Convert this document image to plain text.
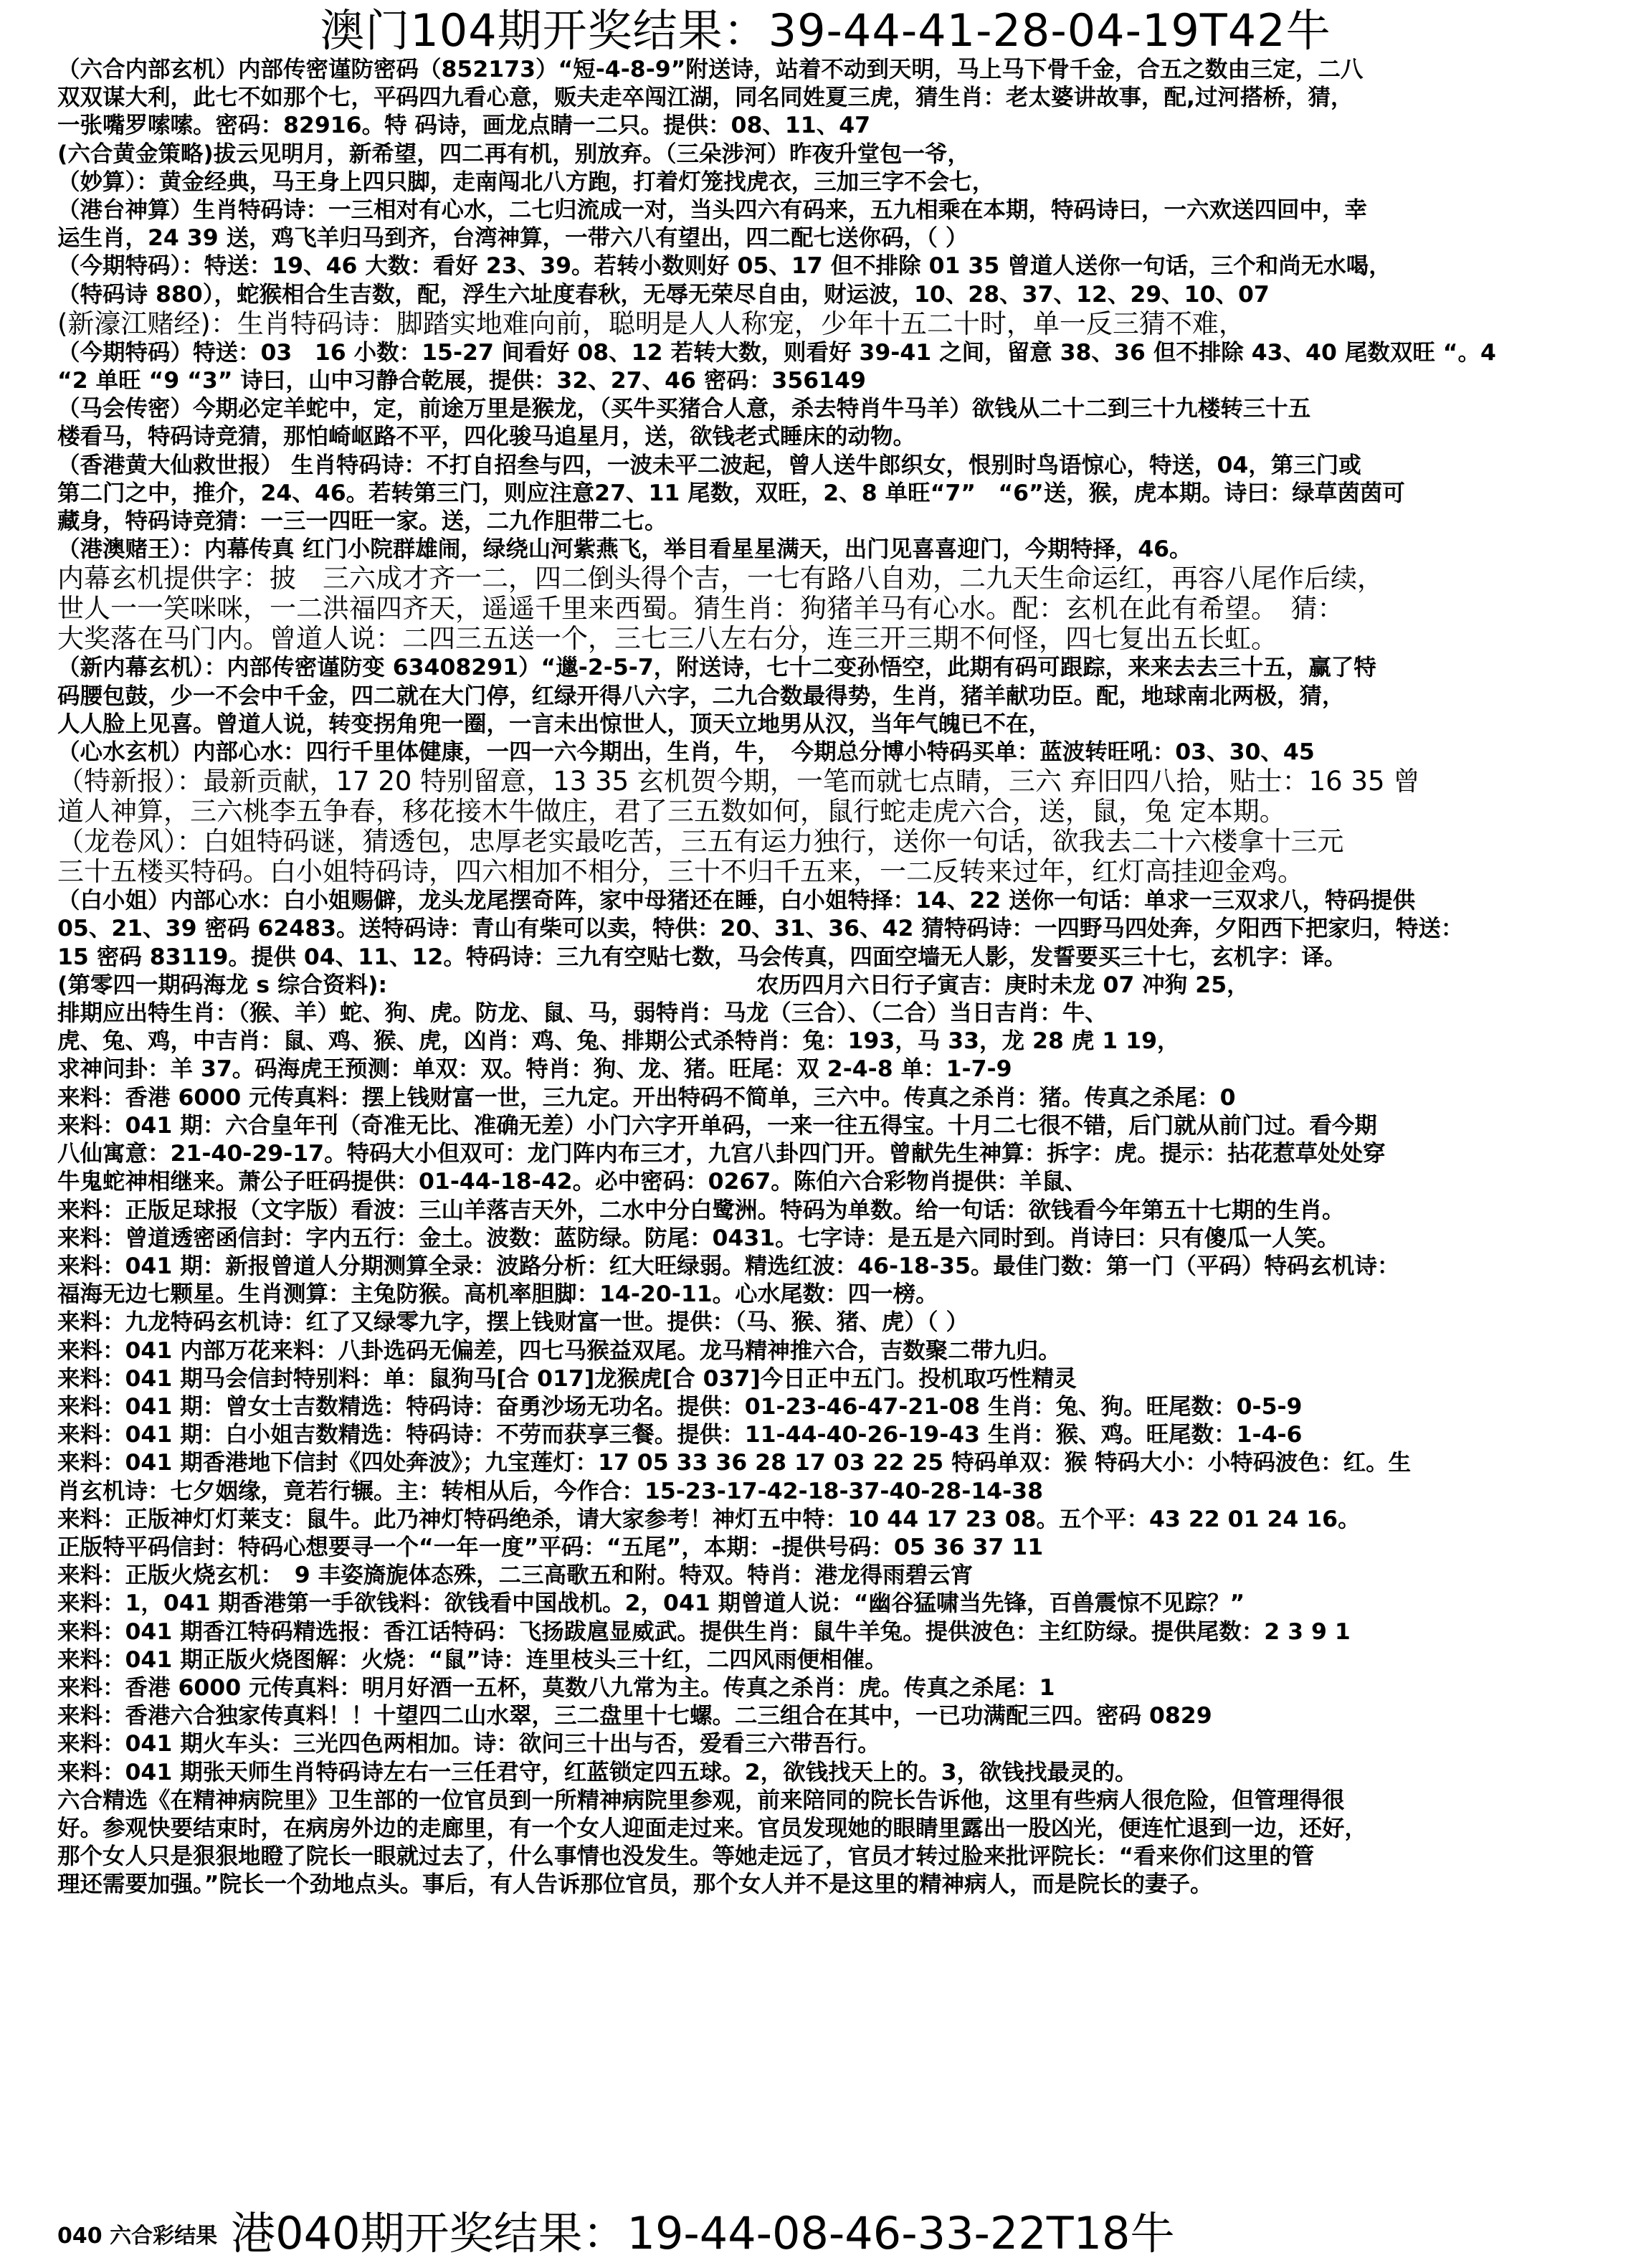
澳门104期开奖结果：39-44-41-28-04-19T42牛
（六合内部玄机）内部传密谨防密码（852173）“短-4-8-9”附送诗，站着不动到天明，马上马下骨千金，合五之数由三定，二八
双双谋大利，此七不如那个七，平码四九看心意，贩夫走卒闯江湖，同名同姓夏三虎，猜生肖：老太婆讲故事，配,过河搭桥，猜，
一张嘴罗嗦嗦。密码：82916。特 码诗，画龙点睛一二只。提供：08、11、47
(六合黄金策略)拔云见明月，新希望，四二再有机，别放弃。（三朵涉河）昨夜升堂包一爷，
（妙算）：黄金经典，马王身上四只脚，走南闯北八方跑，打着灯笼找虎衣，三加三字不会七，
（港台神算）生肖特码诗：一三相对有心水，二七归流成一对，当头四六有码来，五九相乘在本期，特码诗曰，一六欢送四回中，幸
运生肖，24 39 送，鸡飞羊归马到齐，台湾神算，一带六八有望出，四二配七送你码，（ ）
（今期特码）：特送：19、46 大数：看好 23、39。若转小数则好 05、17 但不排除 01 35 曾道人送你一句话，三个和尚无水喝，
（特码诗 880），蛇猴相合生吉数，配，浮生六址度春秋，无辱无荣尽自由，财运波，10、28、37、12、29、10、07
(新濠江赌经)：生肖特码诗：脚踏实地难向前，聪明是人人称宠，少年十五二十时，单一反三猜不难，
（今期特码）特送：03　16 小数：15-27 间看好 08、12 若转大数，则看好 39-41 之间，留意 38、36 但不排除 43、40 尾数双旺 “。4
“2 单旺 “9 “3” 诗曰，山中习静合乾展，提供：32、27、46 密码：356149
（马会传密）今期必定羊蛇中，定，前途万里是猴龙，（买牛买猪合人意，杀去特肖牛马羊）欲钱从二十二到三十九楼转三十五
楼看马，特码诗竞猜，那怕崎岖路不平，四化骏马追星月，送，欲钱老式睡床的动物。
（香港黄大仙救世报） 生肖特码诗：不打自招叁与四，一波未平二波起，曾人送牛郎织女，恨别时鸟语惊心，特送，04，第三门或
第二门之中，推介，24、46。若转第三门，则应注意27、11 尾数，双旺，2、8 单旺“7”　“6”送，猴，虎本期。诗曰：绿草茵茵可
藏身，特码诗竞猜：一三一四旺一家。送，二九作胆带二七。
（港澳赌王）：内幕传真 红门小院群雄闹，绿绕山河紫燕飞，举目看星星满天，出门见喜喜迎门，今期特择，46。
内幕玄机提供字：披　三六成才齐一二，四二倒头得个吉，一七有路八自劝，二九天生命运红，再容八尾作后续，
世人一一笑咪咪，一二洪福四齐天，遥遥千里来西蜀。猜生肖：狗猪羊马有心水。配：玄机在此有希望。　猜：
大奖落在马门内。曾道人说：二四三五送一个，三七三八左右分，连三开三期不何怪，四七复出五长虹。
（新内幕玄机）：内部传密谨防变 63408291）“邋-2-5-7，附送诗，七十二变孙悟空，此期有码可跟踪，来来去去三十五，赢了特
码腰包鼓，少一不会中千金，四二就在大门停，红绿开得八六字，二九合数最得势，生肖，猪羊献功臣。配，地球南北两极，猜，
人人脸上见喜。曾道人说，转变拐角兜一圈，一言未出惊世人，顶天立地男从汉，当年气魄已不在，
（心水玄机）内部心水：四行千里体健康，一四一六今期出，生肖，牛，　今期总分博小特码买单：蓝波转旺吼：03、30、45
（特新报）：最新贡献，17 20 特别留意，13 35 玄机贺今期，一笔而就七点睛，三六 弃旧四八拾，贴士：16 35 曾
道人神算，三六桃李五争春，移花接木牛做庄，君了三五数如何，鼠行蛇走虎六合，送，鼠，兔 定本期。
（龙卷风）：白姐特码谜，猜透包，忠厚老实最吃苦，三五有运力独行，送你一句话，欲我去二十六楼拿十三元
三十五楼买特码。白小姐特码诗，四六相加不相分，三十不归千五来，一二反转来过年，红灯高挂迎金鸡。
（白小姐）内部心水：白小姐赐僻，龙头龙尾摆奇阵，家中母猪还在睡，白小姐特择：14、22 送你一句话：单求一三双求八，特码提供
05、21、39 密码 62483。送特码诗：青山有柴可以卖，特供：20、31、36、42 猜特码诗：一四野马四处奔，夕阳西下把家归，特送：
15 密码 83119。提供 04、11、12。特码诗：三九有空贴七数，马会传真，四面空墙无人影，发誓要买三十七，玄机字：译。
(第零四一期码海龙 s 综合资料):　　　　　　　　　　　　　　　　 农历四月六日行子寅吉：庚时未龙 07 冲狗 25，
排期应出特生肖：（猴、羊）蛇、狗、虎。防龙、鼠、马，弱特肖：马龙（三合）、（二合）当日吉肖：牛、
虎、兔、鸡，中吉肖：鼠、鸡、猴、虎，凶肖：鸡、兔、排期公式杀特肖：兔：193，马 33，龙 28 虎 1 19，
求神问卦：羊 37。码海虎王预测：单双：双。特肖：狗、龙、猪。旺尾：双 2-4-8 单：1-7-9
来料：香港 6000 元传真料：摆上钱财富一世，三九定。开出特码不简单，三六中。传真之杀肖：猪。传真之杀尾：0
来料：041 期：六合皇年刊（奇准无比、准确无差）小门六字开单码，一来一往五得宝。十月二七很不错，后门就从前门过。看今期
八仙寓意：21-40-29-17。特码大小但双可：龙门阵内布三才，九宫八卦四门开。曾献先生神算：拆字：虎。提示：拈花惹草处处穿
牛鬼蛇神相继来。萧公子旺码提供：01-44-18-42。必中密码：0267。陈伯六合彩物肖提供：羊鼠、
来料：正版足球报（文字版）看波：三山羊落吉天外，二水中分白鹭洲。特码为单数。给一句话：欲钱看今年第五十七期的生肖。
来料：曾道透密函信封：字内五行：金土。波数：蓝防绿。防尾：0431。七字诗：是五是六同时到。肖诗曰：只有傻瓜一人笑。
来料：041 期：新报曾道人分期测算全录：波路分析：红大旺绿弱。精选红波：46-18-35。最佳门数：第一门（平码）特码玄机诗：
福海无边七颗星。生肖测算：主兔防猴。高机率胆脚：14-20-11。心水尾数：四一榜。
来料：九龙特码玄机诗：红了又绿零九字，摆上钱财富一世。提供：（马、猴、猪、虎）（ ）
来料：041 内部万花来料：八卦选码无偏差，四七马猴益双尾。龙马精神推六合，吉数聚二带九归。
来料：041 期马会信封特别料：单：鼠狗马[合 017]龙猴虎[合 037]今日正中五门。投机取巧性精灵
来料：041 期：曾女士吉数精选：特码诗：奋勇沙场无功名。提供：01-23-46-47-21-08 生肖：兔、狗。旺尾数：0-5-9
来料：041 期：白小姐吉数精选：特码诗：不劳而获享三餐。提供：11-44-40-26-19-43 生肖：猴、鸡。旺尾数：1-4-6
来料：041 期香港地下信封《四处奔波》；九宝莲灯：17 05 33 36 28 17 03 22 25 特码单双：猴 特码大小：小特码波色：红。生
肖玄机诗：七夕姻缘，竟若行辗。主：转相从后，今作合：15-23-17-42-18-37-40-28-14-38
来料：正版神灯灯莱支：鼠牛。此乃神灯特码绝杀，请大家参考！神灯五中特：10 44 17 23 08。五个平：43 22 01 24 16。
正版特平码信封：特码心想要寻一个“一年一度”平码：“五尾”，本期：-提供号码：05 36 37 11
来料：正版火烧玄机：　9 丰姿旖旎体态殊，二三高歌五和附。特双。特肖：港龙得雨碧云宵
来料：1，041 期香港第一手欲钱料：欲钱看中国战机。2，041 期曾道人说：“幽谷猛啸当先锋，百兽震惊不见踪？”
来料：041 期香江特码精选报：香江话特码：飞扬跋扈显威武。提供生肖：鼠牛羊兔。提供波色：主红防绿。提供尾数：2 3 9 1
来料：041 期正版火烧图解：火烧：“鼠”诗：连里枝头三十红，二四风雨便相催。
来料：香港 6000 元传真料：明月好酒一五杯，莫数八九常为主。传真之杀肖：虎。传真之杀尾：1
来料：香港六合独家传真料！！十望四二山水翠，三二盘里十七螺。二三组合在其中，一已功满配三四。密码 0829
来料：041 期火车头：三光四色两相加。诗：欲问三十出与否，爱看三六带吾行。
来料：041 期张天师生肖特码诗左右一三任君守，红蓝锁定四五球。2，欲钱找天上的。3，欲钱找最灵的。
六合精选《在精神病院里》卫生部的一位官员到一所精神病院里参观，前来陪同的院长告诉他，这里有些病人很危险，但管理得很
好。参观快要结束时，在病房外边的走廊里，有一个女人迎面走过来。官员发现她的眼睛里露出一股凶光，便连忙退到一边，还好，
那个女人只是狠狠地瞪了院长一眼就过去了，什么事情也没发生。等她走远了，官员才转过脸来批评院长：“看来你们这里的管
理还需要加强。”院长一个劲地点头。事后，有人告诉那位官员，那个女人并不是这里的精神病人，而是院长的妻子。
040 六合彩结果 港040期开奖结果：19-44-08-46-33-22T18牛
